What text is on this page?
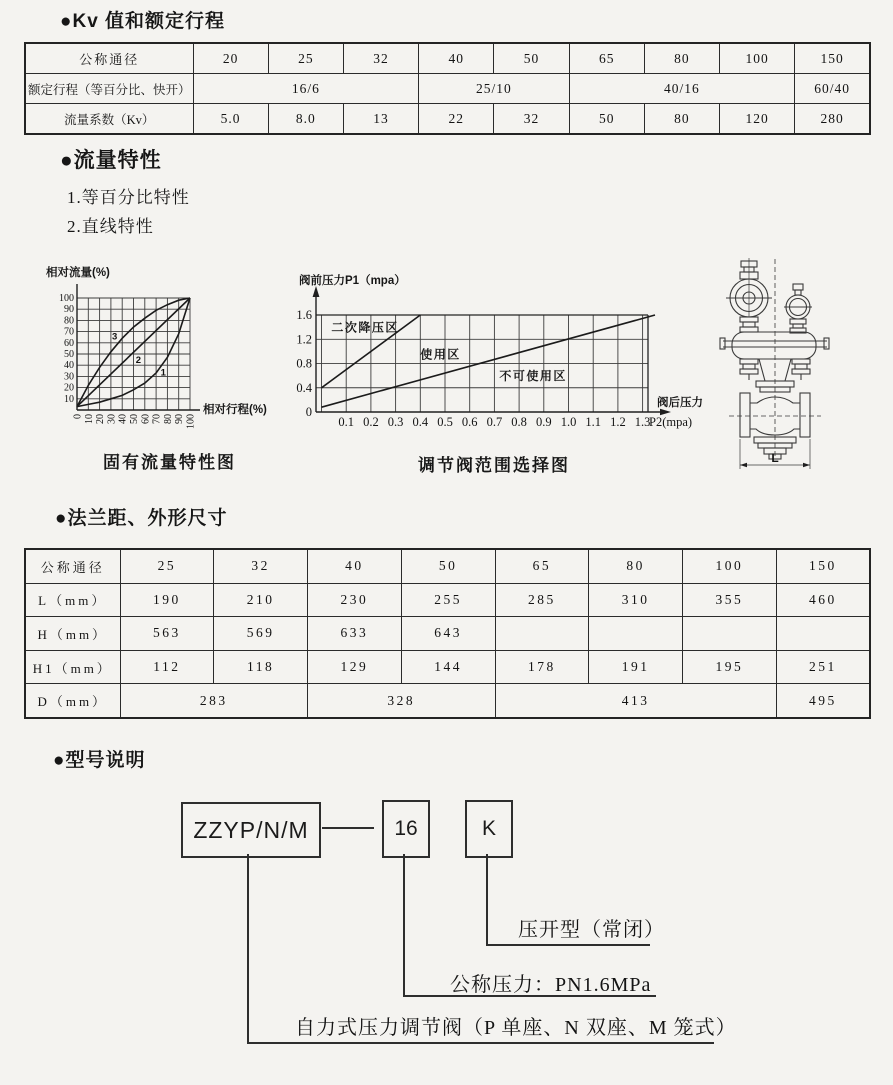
●Kv 值和额定行程
公称通径	20	25	32	40	50	65	80	100	150
额定行程（等百分比、快开）	16/6			25/10		40/16			60/40
流量系数（Kv）	5.0	8.0	13	22	32	50	80	120	280
●流量特性
1.等百分比特性
2.直线特性
10
20
30
40
50
60
70
80
90
100
0 10 20 30 40 50 60 70 80 90 100
相对流量(%)
相对行程(%)
1
2
3
固有流量特性图
0
0.4
0.8
1.2
1.6
0.1 0.2 0.3 0.4 0.5 0.6 0.7 0.8 0.9 1.0 1.1 1.2 1.3
阀前压力P1（mpa）
阀后压力
P2(mpa)
二次降压区
使用区
不可使用区
调节阀范围选择图	L
●法兰距、外形尺寸
公称通径	25	32	40	50	65	80	100	150
L（mm）	190	210	230	255	285	310	355	460
H（mm）	563	569	633	643				
H1（mm）	112	118	129	144	178	191	195	251
D（mm）	283		328		413			495
●型号说明
ZZYP/N/M	16	K
压开型（常闭）
公称压力：PN1.6MPa
自力式压力调节阀（P 单座、N 双座、M 笼式）
